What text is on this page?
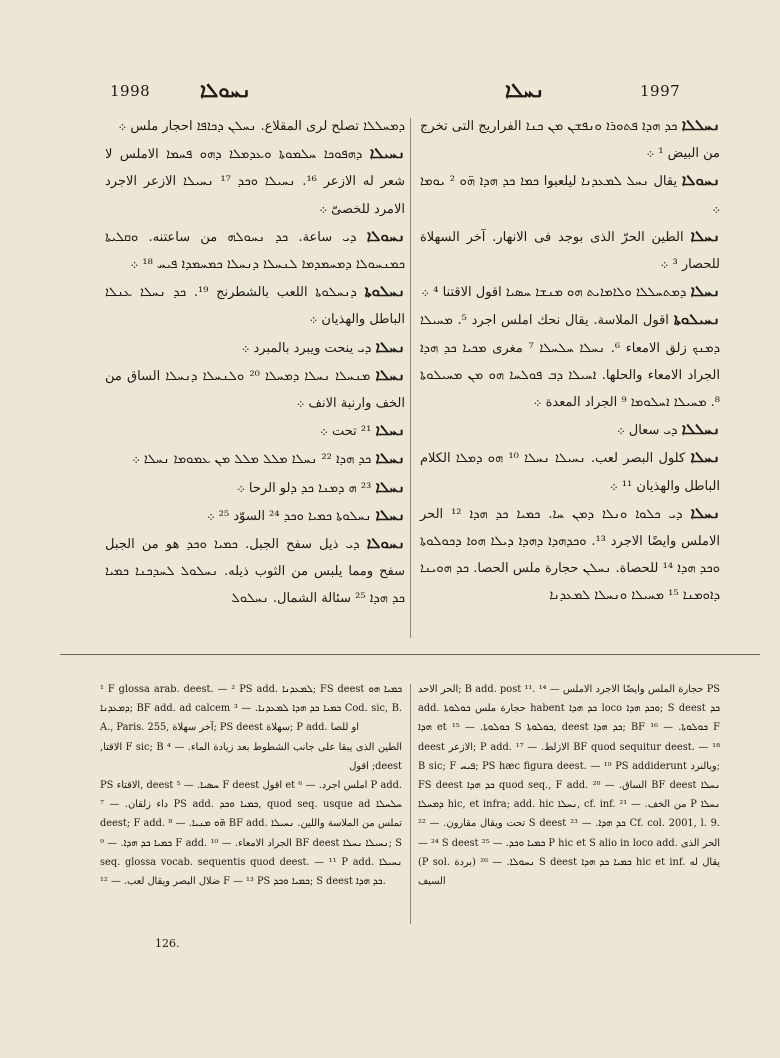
1998 ܢܚܘܠܐ	ܢܚܠܐ	1997

ܕܡܚܠܠܐ تصلح لرى المقلاع. ܢܚܠܢ ܕܟܐܦܐ احجار ملس ܀

ܢܚܝܠܐ ܕܗܦܘܟܐ ܚܠܡܘܬܐ ܘܥܕܡܠܐ ܕܗܘ ܦܚܡܐ الاملس لا شعر له الازعر ¹⁶. ܢܚܝܠܐ ܘܟܕ ¹⁷ ܢܚܝܠܐ الازعر الاجرد الامرد للخصىّ ܀

ܢܚܘܠܐ ܕܝ ساعة. ܟܕ ܢܚܘܠܗ من ساعتنه. ܘܩܠܝܬܐ ܟܡܢܚܘܠܐ ܕܡܚܡܕܡܐ ܠܢܚܠܐ ܕܢܚܠܐ ܟܡܚܡܕܐ ܦܝܚ ¹⁸ ܀

ܢܚܠܘܬܐ ܕܢܚܠܘܬܐ اللعب بالشطرنج ¹⁹. ܟܕ ܢܚܠܐ ܥܢܠܐ الباطل والهذيان ܀

ܢܚܠܐ ܕܝ ينحت ويبرد بالمبرد ܀

ܢܚܠܐ ܡܢܚܠܐ ܢܚܠܐ ܕܡܚܠܐ ²⁰ ܘܠܢܚܠܐ ܕܢܚܠܐ الساق من الخف وارنبة الانف ܀

ܢܚܠܐ ²¹ تحت ܀

ܢܚܠܐ ܟܕ ܗܕܐ ²² ܢܚܠܐ ܡܠܠ ܡܠܠ ܡܢ ܥܡܘܡܐ ܢܚܠܐ ܀

ܢܚܠܐ ²³ ܗ ܕܡܢܐ ܟܕ ܕلو الرحا ܀

ܢܚܠܐ ܢܚܠܘܬܐ ܟܡܝܐ ܘܟܕ ²⁴ السوّد ²⁵ ܀

ܢܚܘܠܐ ܕܝ ذيل سفح الجبل. ܟܡܝܐ ܘܟܕ هو من الجبل سفح ومما يلبس من الثوب ذيله. ܢܚܠܘܠ ܠܚܕܟܢܐ ܟܡܝܐ ܟܕ ܗܕܐ ²⁵ سئالة الشمال. ܢܚܠܘܠ

ܢܚܠܠܐ ܟܕ ܗܕܐ ܦܬܘܪܐ ܘܢܦܫܢ ܡܢ ܟܢܐ الفراريج التى تخرج من البيض ¹ ܀

ܢܚܘܠܐ يقال ܢܚܠ ܠܡܥܕܢܐ ليلعبوا ܟܡܐ ܟܕ ܗܕܐ ܗ̈ܘ ² ܝܘܡܐ ܀

ܢܚܠܐ الطين الحرّ الذى بوجد فى الانهار. آخر السهلاة للحصار ³ ܀

ܢܚܠܐ ܕܡܬܚܠܠܐ ܘܠܐܡܐܝܬ ܗܘ ܡܢܫܐ ܚܣܝܐ اقول الاقتنا ⁴ ܀

ܢܚܝܠܘܬܐ اقول الملاسة. يقال نحك املس اجرد ⁵. ܡܚܝܠܐ ܕܡܢܟ زلق الامعاء ⁶. ܢܚܠܐ ܚܠܚܠܐ ⁷ مغرى ܡܟܝܐ ܟܕ ܗܕܐ الجراد الامعاء والحلها. ܐܚܝܠܐ ܕܒ ܦܘܠܚܐ ܗܘ ܡܢ ܡܚܝܠܘܬܐ ⁸. ܡܚܝܠܐ ܐܚܠܘܡܐ ⁹ الجراد المعدة ܀

ܢܚܠܠܐ ܕܝ سعال ܀

ܢܚܠܐ كلول البصر لعب. ܢܚܝܠܐ ܢܚܠܐ ¹⁰ ܗܘ ܕܡܠܐ الكلام الباطل والهذيان ¹¹ ܀

ܢܚܠܐ ܕܝ ܟܠܘܐ ܘܢܠܐ ܕܡܢ ܚܐ. ܟܡܝܐ ܟܕ ܗܕܐ ¹² الحر الاملس وايضًا الاجرد ¹³. ܘܟܕܗܕܐ ܕܗܕܐ ܕܝܠܐ ܗܘܐ ܕܟܘܠܘܬܐ ܘܟܕ ܗܕܐ ¹⁴ للحصاة. ܢܚܠܢ حجارة ملس الحصا. ܟܕ ܗܘܝܢܐ ܕܐܘܡܢܐ ¹⁵ ܡܚܝܠܐ ܘܢܚܠܐ ܠܡܥܕܢܐ

¹ F glossa arab. deest. — ² PS add. ܠܡܥܕܢܐ; FS deest ܟܡܝܐ ܗܘ ܕܡܥܕܢܐ; BF add. ad calcem ܟܡܝܐ ܟܕ ܗܕܐ ܠܡܥܕܢܐ. — ³ Cod. sic, B. A., Paris. 255, آخر سهلاة; PS deest سهلاة; P add. او للصا

الطين الذى يبقا على جانب الشطوط بعد زيادة الماء. — ⁴ F sic; B الاقتا, deest; اقول

PS الاقتاء, deest ܚܣܝܐ. — ⁵ F deest اقول et املس اجرد. — ⁶ P add. داء زلقان. — ⁷ PS add. ܟܡܝܐ ܘܟܕ, quod seq. usque ad ܚܠܚܠܐ deest; F add. ܗ̈ܘ ܡܢܝܐ. — ⁸ BF add. تملس من الملاسة واللين. ܢܚܝܠܐ ܟܡܝܐ ܟܕ ܗܕܐ. — ⁹ F add. الجراد الامعاء. — ¹⁰ BF deest ܢܚܝܠܐ ܢܚܠܐ; S seq. glossa vocab. sequentis quod deest. — ¹¹ P add. ܢܚܝܠܐ ضلال البصر ويقال لعب. — ¹² F — ¹³ PS ܟܡܝܐ ܘܟܕ; S deest ܟܕ ܗܕܐ.

الحر الاحد; B add. post ¹¹. حجارة الملس وايضًا الاجرد الاملس — ¹⁴ PS add. حجارة ملس ܟܘܠܘܬܐ habent ܟܕ ܗܕܐ loco ܘܟܕ ܗܕܐ; S deest ܟܕ ܗܕܐ et ܟܘܠܘܬܐ. — ¹⁵ S ܟܘܠܘܬܐ, deest ܟܕ ܗܕܐ; BF ܟܘܠܘܬܐ. — ¹⁶ F deest الازعر; P add. الازلط. — ¹⁷ BF quod sequitur deest. — ¹⁸ B sic; F ܦܝܚ; PS hæc figura deest. — ¹⁹ PS addiderunt وبالنرد; FS deest ܟܕ ܗܕܐ quod seq., F add. الساق. — ²⁰ BF deest ܢܚܠܐ ܕܡܚܠܐ hic, et infra; add. hic ܢܚܠܐ, cf. inf. من الخف. — ²¹ P ܢܚܠܐ تحت ويقال مقارون. — ²² S deest ܟܕ ܗܕܐ. — ²³ Cf. col. 2001, l. 9. — ²⁴ S deest ܟܡܝܐ ܘܟܕ. — ²⁵ P hic et S alio in loco add. الحر الذى (P sol. بردة) ܢܚܘܠܐ. — ²⁶ S deest ܟܡܝܐ ܟܕ ܗܕܐ hic et inf. يقال له السيف

126.
